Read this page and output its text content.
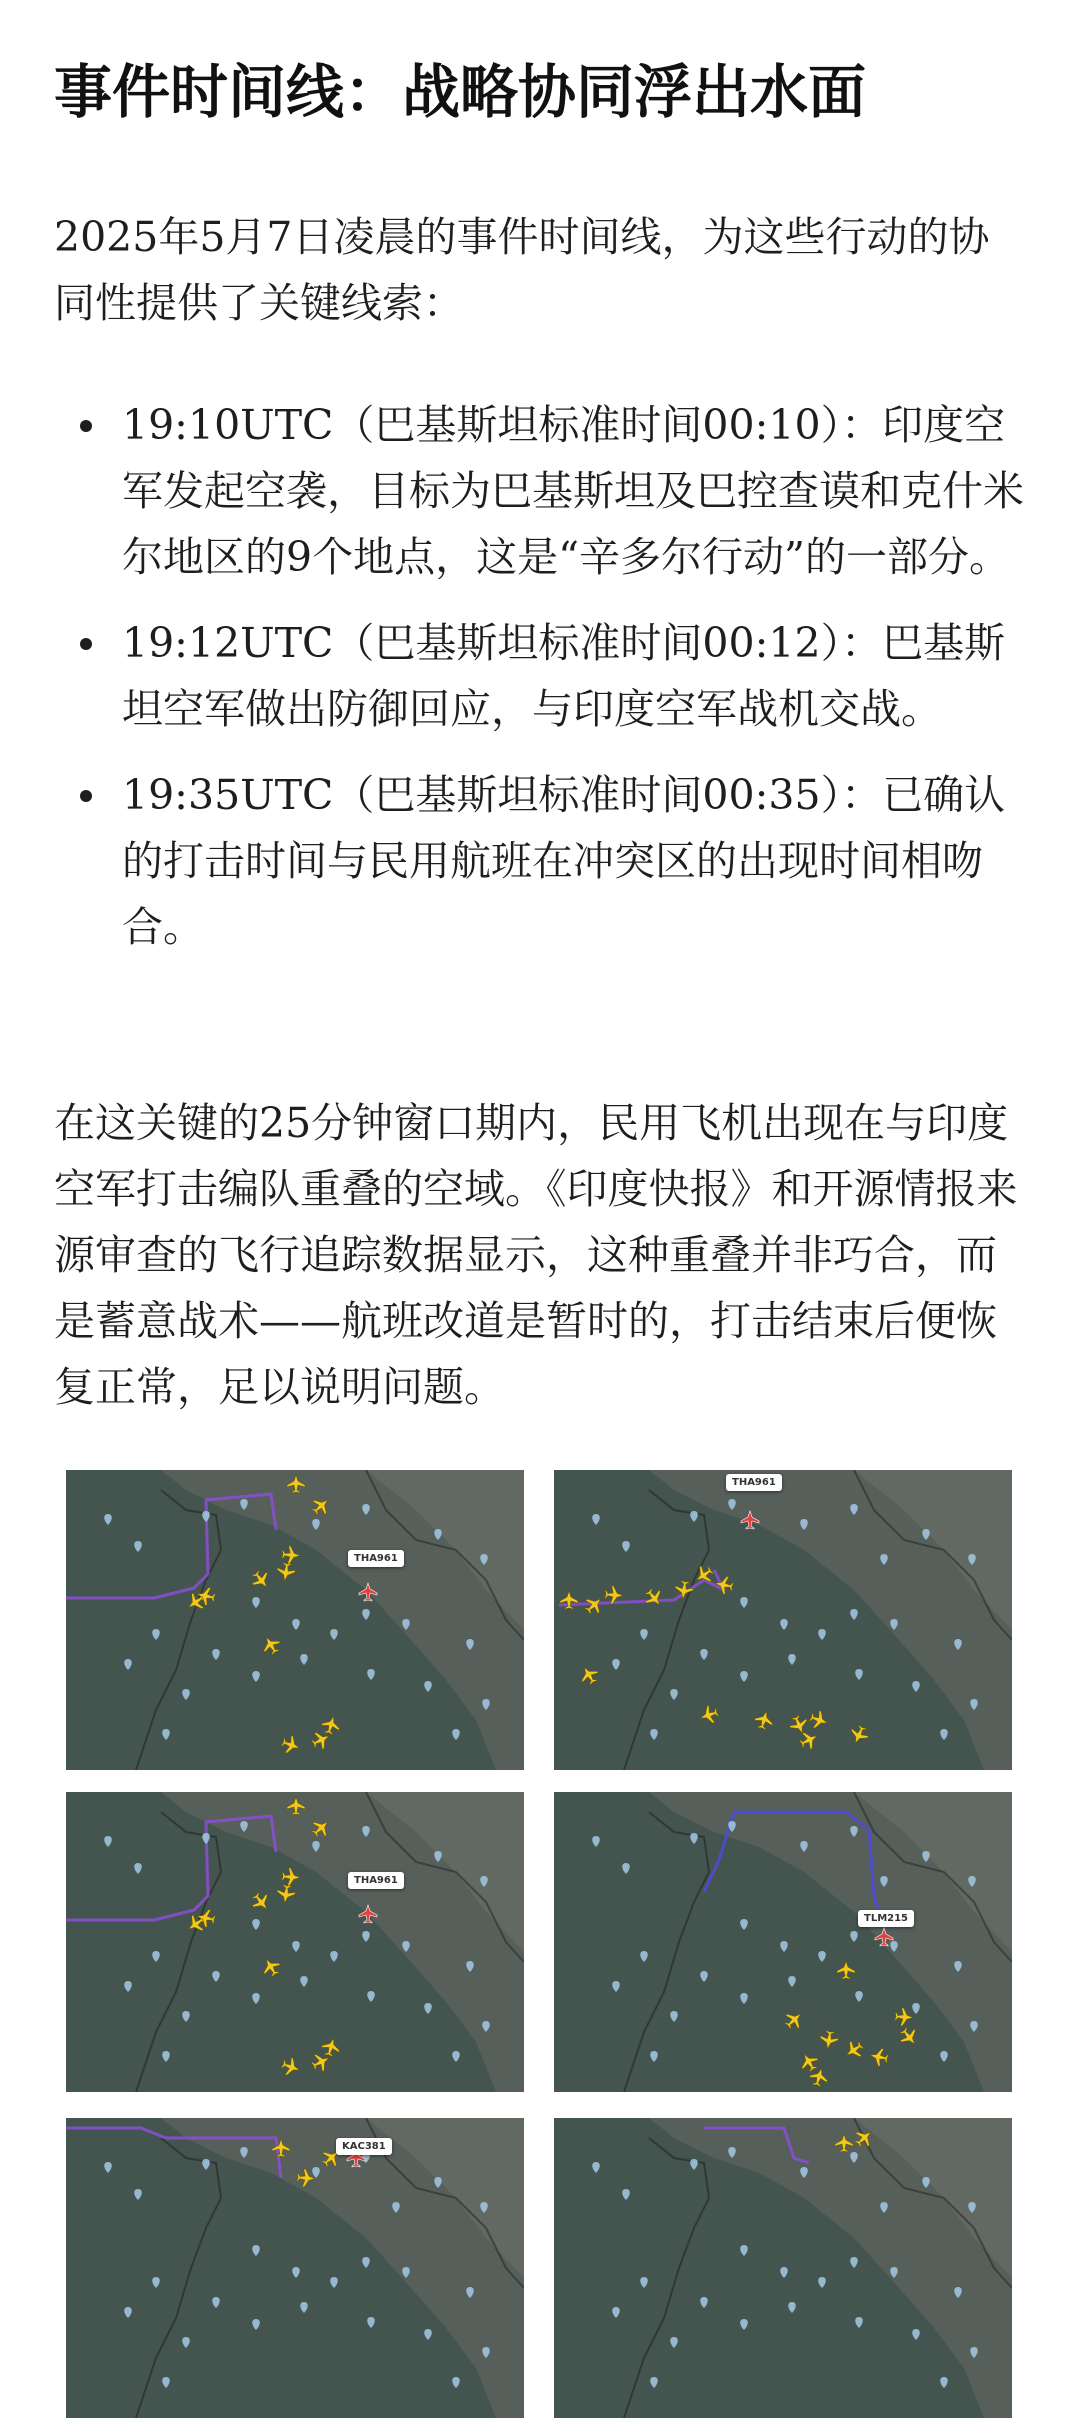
事件时间线：战略协同浮出水面

2025年5月7日凌晨的事件时间线，为这些行动的协同性提供了关键线索：

19:10UTC（巴基斯坦标准时间00:10）：印度空军发起空袭，目标为巴基斯坦及巴控查谟和克什米尔地区的9个地点，这是“辛多尔行动”的一部分。
19:12UTC（巴基斯坦标准时间00:12）：巴基斯坦空军做出防御回应，与印度空军战机交战。
19:35UTC（巴基斯坦标准时间00:35）：已确认的打击时间与民用航班在冲突区的出现时间相吻合。

在这关键的25分钟窗口期内，民用飞机出现在与印度空军打击编队重叠的空域。《印度快报》和开源情报来源审查的飞行追踪数据显示，这种重叠并非巧合，而是蓄意战术——航班改道是暂时的，打击结束后便恢复正常，足以说明问题。

THA961
THA961
THA961
TLM215
KAC381
